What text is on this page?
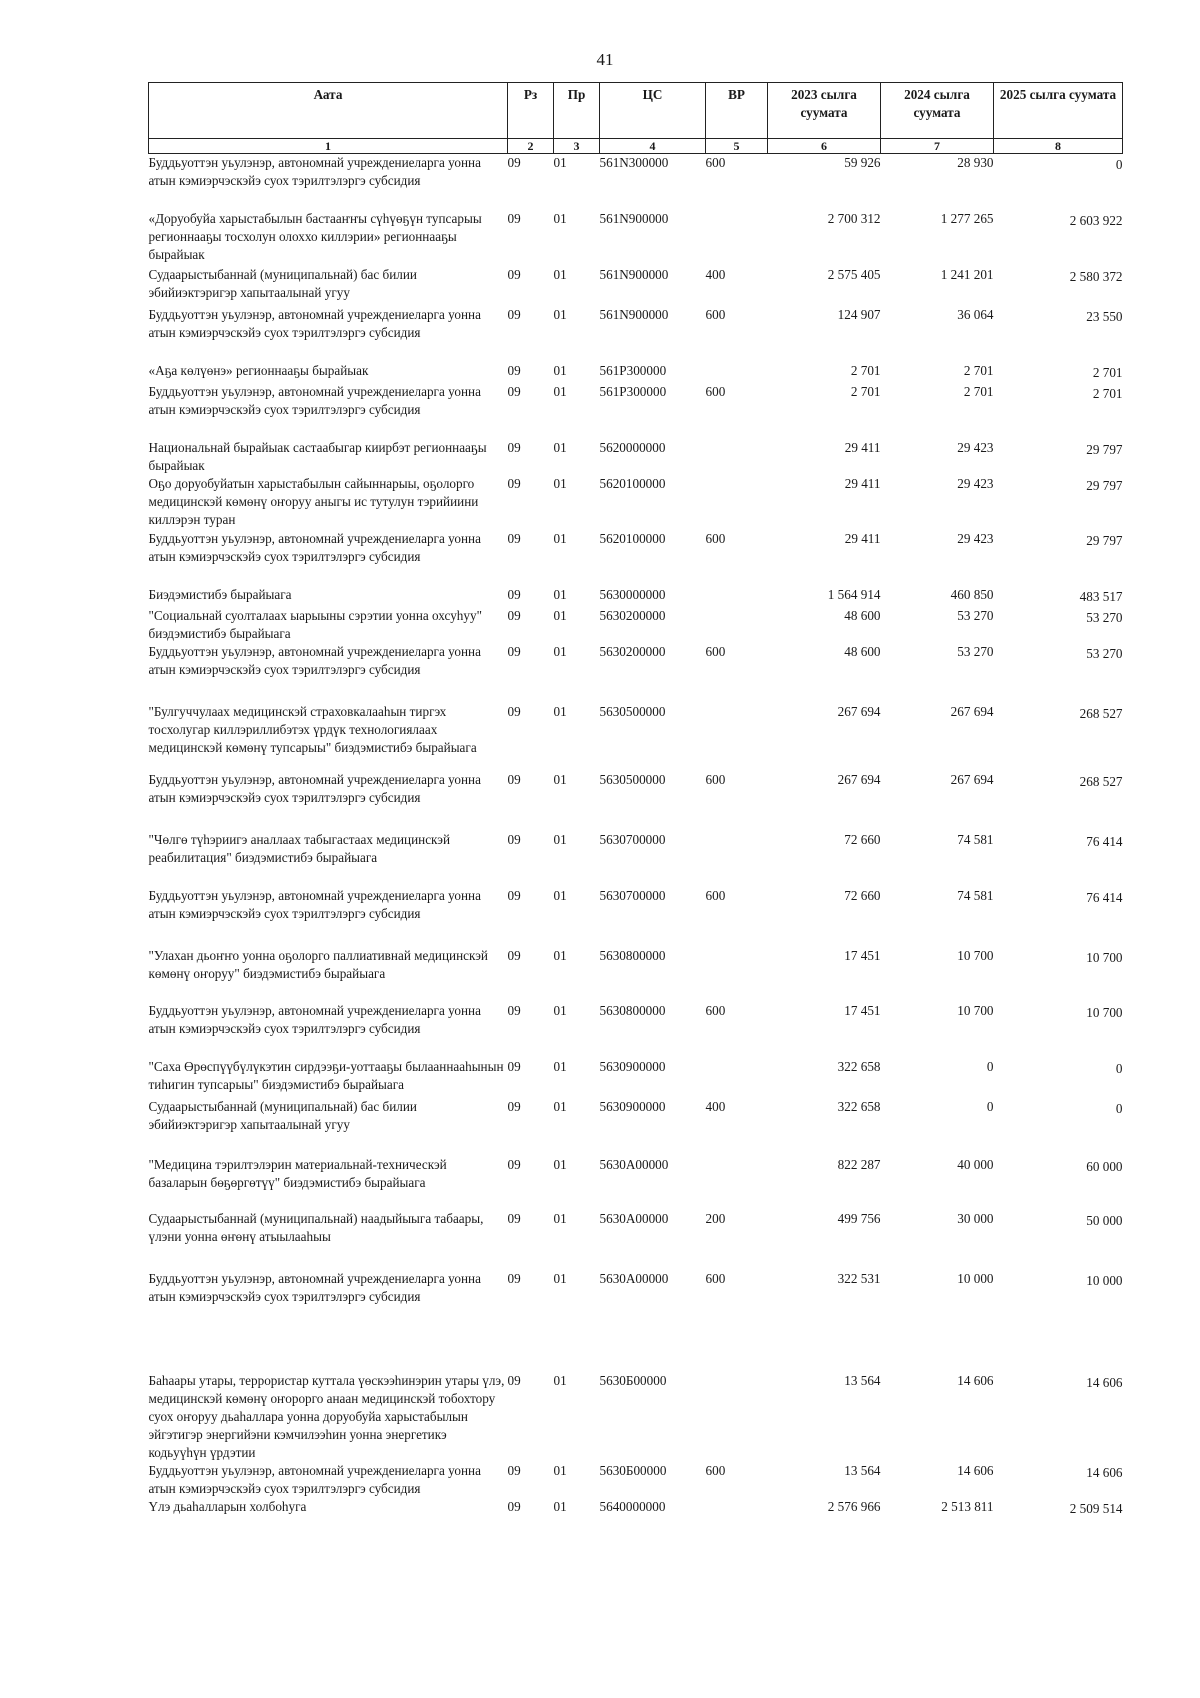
41
Аата	Рз	Пр	ЦС	ВР	2023 сылга суумата	2024 сылга суумата	2025 сылга суумата
1	2	3	4	5	6	7	8
Буддьуоттэн уьулэнэр, автономнай учреждениеларга уонна атын кэмиэрчэскэйэ суох тэрилтэлэргэ субсидия	09	01	561N300000	600	59 926	28 930	0
«Доруобуйа харыстабылын бастааҥҥы сүһүөҕүн тупсарыы регионнааҕы тосхолун олоххо киллэрии» регионнааҕы бырайыак	09	01	561N900000		2 700 312	1 277 265	2 603 922
Судаарыстыбаннай (муниципальнай) бас билии эбийиэктэригэр хапытаалынай угуу	09	01	561N900000	400	2 575 405	1 241 201	2 580 372
Буддьуоттэн уьулэнэр, автономнай учреждениеларга уонна атын кэмиэрчэскэйэ суох тэрилтэлэргэ субсидия	09	01	561N900000	600	124 907	36 064	23 550
«Аҕа көлүөнэ» регионнааҕы бырайыак	09	01	561P300000		2 701	2 701	2 701
Буддьуоттэн уьулэнэр, автономнай учреждениеларга уонна атын кэмиэрчэскэйэ суох тэрилтэлэргэ субсидия	09	01	561P300000	600	2 701	2 701	2 701
Национальнай бырайыак састаабыгар киирбэт регионнааҕы бырайыак	09	01	5620000000		29 411	29 423	29 797
Оҕо доруобуйатын харыстабылын сайыннарыы, оҕолорго медицинскэй көмөнү оҥоруу аныгы ис тутулун тэрийиини киллэрэн туран	09	01	5620100000		29 411	29 423	29 797
Буддьуоттэн уьулэнэр, автономнай учреждениеларга уонна атын кэмиэрчэскэйэ суох тэрилтэлэргэ субсидия	09	01	5620100000	600	29 411	29 423	29 797
Биэдэмистибэ бырайыага	09	01	5630000000		1 564 914	460 850	483 517
"Социальнай суолталаах ыарыыны сэрэтии уонна охсуһуу" биэдэмистибэ бырайыага	09	01	5630200000		48 600	53 270	53 270
Буддьуоттэн уьулэнэр, автономнай учреждениеларга уонна атын кэмиэрчэскэйэ суох тэрилтэлэргэ субсидия	09	01	5630200000	600	48 600	53 270	53 270
"Булгуччулаах медицинскэй страховкалааһын тиргэх тосхолугар киллэриллибэтэх үрдүк технологиялаах медицинскэй көмөнү тупсарыы" биэдэмистибэ бырайыага	09	01	5630500000		267 694	267 694	268 527
Буддьуоттэн уьулэнэр, автономнай учреждениеларга уонна атын кэмиэрчэскэйэ суох тэрилтэлэргэ субсидия	09	01	5630500000	600	267 694	267 694	268 527
"Чөлгө түһэриигэ аналлаах табыгастаах медицинскэй реабилитация" биэдэмистибэ бырайыага	09	01	5630700000		72 660	74 581	76 414
Буддьуоттэн уьулэнэр, автономнай учреждениеларга уонна атын кэмиэрчэскэйэ суох тэрилтэлэргэ субсидия	09	01	5630700000	600	72 660	74 581	76 414
"Улахан дьоҥҥо уонна оҕолорго паллиативнай медицинскэй көмөнү оҥоруу" биэдэмистибэ бырайыага	09	01	5630800000		17 451	10 700	10 700
Буддьуоттэн уьулэнэр, автономнай учреждениеларга уонна атын кэмиэрчэскэйэ суох тэрилтэлэргэ субсидия	09	01	5630800000	600	17 451	10 700	10 700
"Саха Өрөспүүбүлүкэтин сирдээҕи-уоттааҕы былааннааһынын тиһигин тупсарыы" биэдэмистибэ бырайыага	09	01	5630900000		322 658	0	0
Судаарыстыбаннай (муниципальнай) бас билии эбийиэктэригэр хапытаалынай угуу	09	01	5630900000	400	322 658	0	0
"Медицина тэрилтэлэрин материальнай-техническэй базаларын бөҕөргөтүү" биэдэмистибэ бырайыага	09	01	5630А00000		822 287	40 000	60 000
Судаарыстыбаннай (муниципальнай) наадыйыыга табаары, үлэни уонна өҥөнү атыылааһыы	09	01	5630А00000	200	499 756	30 000	50 000
Буддьуоттэн уьулэнэр, автономнай учреждениеларга уонна атын кэмиэрчэскэйэ суох тэрилтэлэргэ субсидия	09	01	5630А00000	600	322 531	10 000	10 000
Баһаары утары, террористар куттала үөскээһинэрин утары үлэ, медицинскэй көмөнү оҥорорго анаан медицинскэй тобохтору суох оҥоруу дьаһаллара уонна доруобуйа харыстабылын эйгэтигэр энергийэни кэмчилээһин уонна энергетикэ кодьуүһүн үрдэтии	09	01	5630Б00000		13 564	14 606	14 606
Буддьуоттэн уьулэнэр, автономнай учреждениеларга уонна атын кэмиэрчэскэйэ суох тэрилтэлэргэ субсидия	09	01	5630Б00000	600	13 564	14 606	14 606
Үлэ дьаһалларын холбоһуга	09	01	5640000000		2 576 966	2 513 811	2 509 514
